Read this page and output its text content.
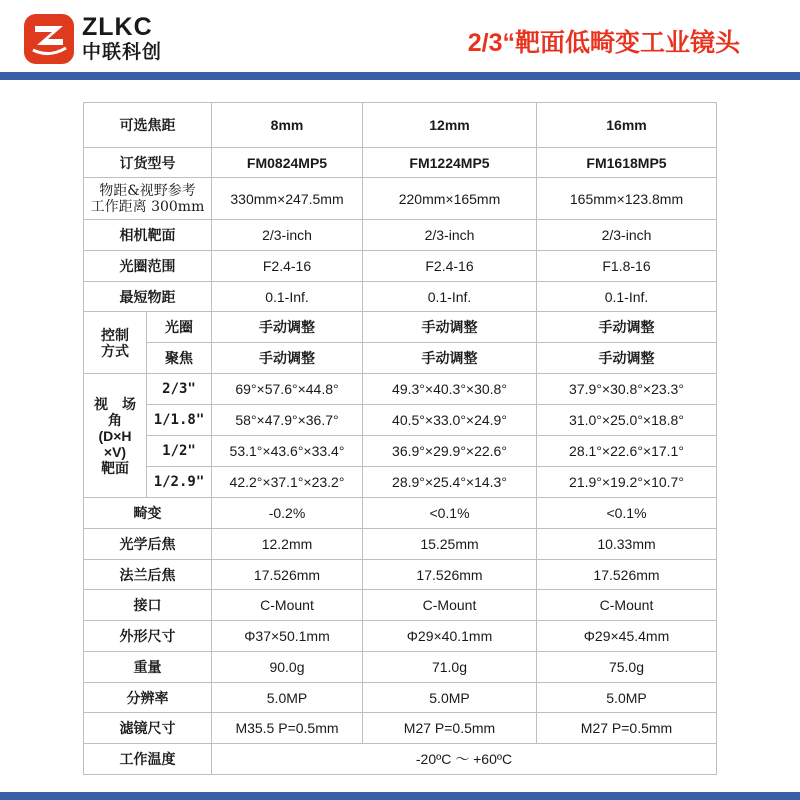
ZLKC
中联科创	2/3“靶面低畸变工业镜头
可选焦距		8mm	12mm	16mm
订货型号		FM0824MP5	FM1224MP5	FM1618MP5
物距&视野参考
工作距离 300mm		330mm×247.5mm	220mm×165mm	165mm×123.8mm
相机靶面		2/3-inch	2/3-inch	2/3-inch
光圈范围		F2.4-16	F2.4-16	F1.8-16
最短物距		0.1-Inf.	0.1-Inf.	0.1-Inf.
控制
方式	光圈	手动调整	手动调整	手动调整
	聚焦	手动调整	手动调整	手动调整
视　场
角
(D×H
×V)
靶面	2/3"	69°×57.6°×44.8°	49.3°×40.3°×30.8°	37.9°×30.8°×23.3°
	1/1.8"	58°×47.9°×36.7°	40.5°×33.0°×24.9°	31.0°×25.0°×18.8°
	1/2"	53.1°×43.6°×33.4°	36.9°×29.9°×22.6°	28.1°×22.6°×17.1°
	1/2.9"	42.2°×37.1°×23.2°	28.9°×25.4°×14.3°	21.9°×19.2°×10.7°
畸变		-0.2%	<0.1%	<0.1%
光学后焦		12.2mm	15.25mm	10.33mm
法兰后焦		17.526mm	17.526mm	17.526mm
接口		C-Mount	C-Mount	C-Mount
外形尺寸		Φ37×50.1mm	Φ29×40.1mm	Φ29×45.4mm
重量		90.0g	71.0g	75.0g
分辨率		5.0MP	5.0MP	5.0MP
滤镜尺寸		M35.5 P=0.5mm	M27 P=0.5mm	M27 P=0.5mm
工作温度		-20ºC ～ +60ºC		
